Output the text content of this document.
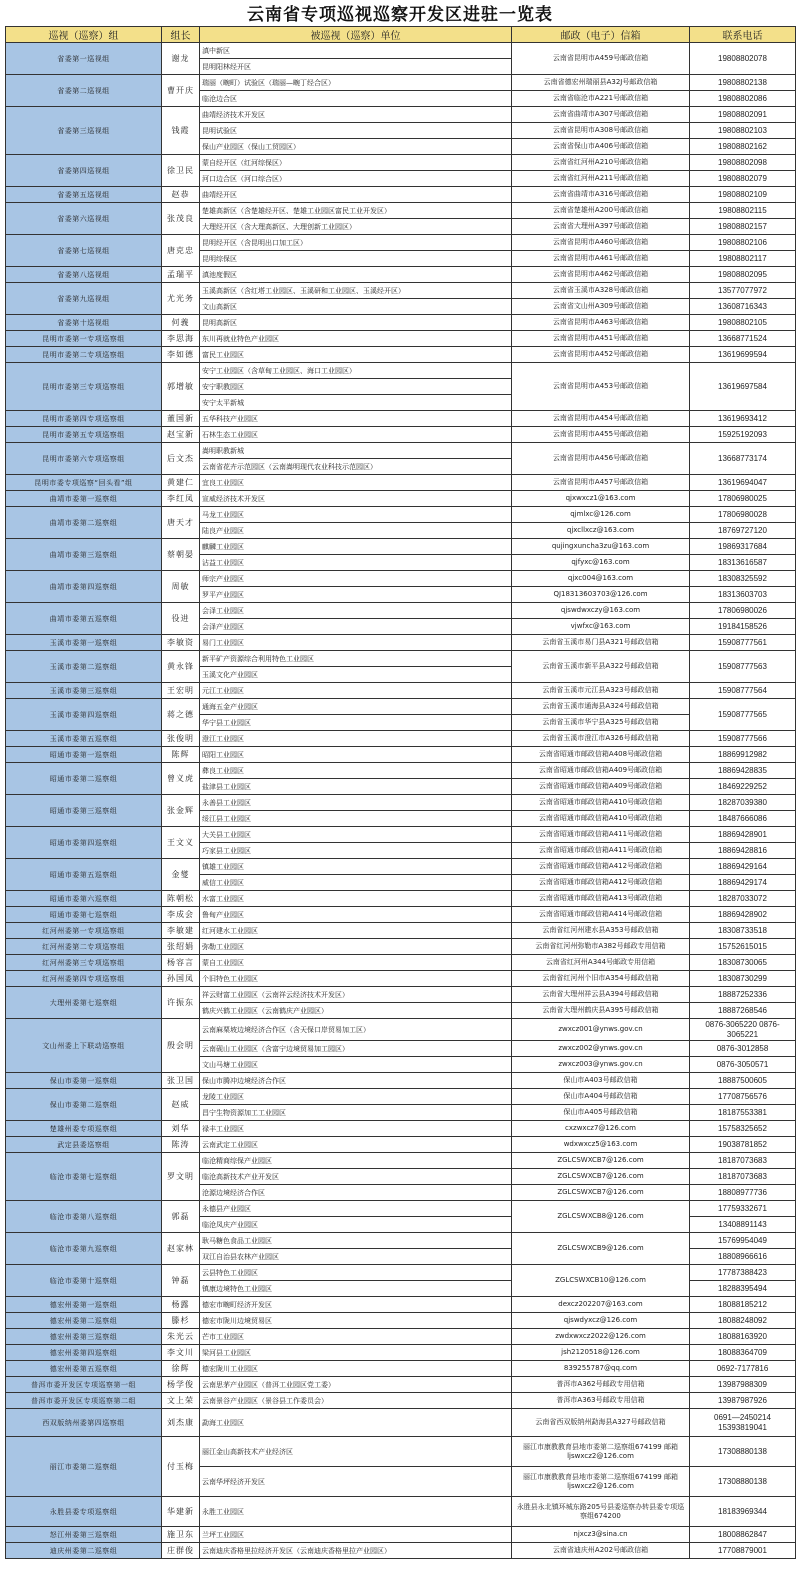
云南省专项巡视巡察开发区进驻一览表
巡视（巡察）组	组长	被巡视（巡察）单位	邮政（电子）信箱	联系电话
省委第一巡视组	谢龙	滇中新区	云南省昆明市A459号邮政信箱	19808802078
		昆明阳林经开区		
省委第二巡视组	曹开庆	瑞丽（畹町）试验区（瑞丽—畹丁经合区）	云南省德宏州瑞丽县A32J号邮政信箱	19808802138
		临沧边合区	云南省临沧市A221号邮政信箱	19808802086
省委第三巡视组	钱霞	曲靖经济技术开发区	云南省曲靖市A307号邮政信箱	19808802091
		昆明试验区	云南省昆明市A308号邮政信箱	19808802103
		保山产业园区（保山工贸园区）	云南省保山市A406号邮政信箱	19808802162
省委第四巡视组	徐卫民	蒙自经开区（红河综保区）	云南省红河州A210号邮政信箱	19808802098
		河口边合区（河口综合区）	云南省红河州A211号邮政信箱	19808802079
省委第五巡视组	赵恭	曲靖经开区	云南省曲靖市A316号邮政信箱	19808802109
省委第六巡视组	张茂良	楚雄高新区（含楚雄经开区、楚雄工业园区富民工业开发区）	云南省楚雄州A200号邮政信箱	19808802115
		大理经开区（含大理高新区、大理创新工业园区）	云南省大理州A397号邮政信箱	19808802157
省委第七巡视组	唐克忠	昆明经开区（含昆明出口加工区）	云南省昆明市A460号邮政信箱	19808802106
		昆明综保区	云南省昆明市A461号邮政信箱	19808802117
省委第八巡视组	孟瑞平	滇池度假区	云南省昆明市A462号邮政信箱	19808802095
省委第九巡视组	尤光务	玉溪高新区（含红塔工业园区、玉溪研和工业园区、玉溪经开区）	云南省玉溪市A328号邮政信箱	13577077972
		文山高新区	云南省文山州A309号邮政信箱	13608716343
省委第十巡视组	何義	昆明高新区	云南省昆明市A463号邮政信箱	19808802105
昆明市委第一专项巡察组	李思海	东川再就业特色产业园区	云南省昆明市A451号邮政信箱	13668771524
昆明市委第二专项巡察组	李如德	富民工业园区	云南省昆明市A452号邮政信箱	13619699594
昆明市委第三专项巡察组	郭增敏	安宁工业园区（含草甸工业园区、海口工业园区）	云南省昆明市A453号邮政信箱	13619697584
		安宁职教园区		
		安宁太平新城		
昆明市委第四专项巡察组	董国新	五华科技产业园区	云南省昆明市A454号邮政信箱	13619693412
昆明市委第五专项巡察组	赵宝新	石林生态工业园区	云南省昆明市A455号邮政信箱	15925192093
昆明市委第六专项巡察组	后文杰	嵩明职教新城	云南省昆明市A456号邮政信箱	13668773174
		云南省花卉示范园区（云南嵩明现代农业科技示范园区）		
昆明市委专项巡察“回头看”组	黄建仁	宜良工业园区	云南省昆明市A457号邮政信箱	13619694047
曲靖市委第一巡察组	李红凤	宣威经济技术开发区	qjxwxcz1@163.com	17806980025
曲靖市委第二巡察组	唐天才	马龙工业园区	qjmlxc@126.com	17806980028
		陆良产业园区	qjxcllxcz@163.com	18769727120
曲靖市委第三巡察组	蔡朝晏	麒麟工业园区	qujingxuncha3zu@163.com	19869317684
		沾益工业园区	qjfyxc@163.com	18313616587
曲靖市委第四巡察组	周敏	师宗产业园区	qjxc004@163.com	18308325592
		罗平产业园区	QJ18313603703@126.com	18313603703
曲靖市委第五巡察组	役进	会泽工业园区	qjswdwxczy@163.com	17806980026
		会泽产业园区	vjwfxc@163.com	19184158526
玉溪市委第一巡察组	李敏资	易门工业园区	云南省玉溪市易门县A321号邮政信箱	15908777561
玉溪市委第二巡察组	黄永锋	新平矿产资源综合利用特色工业园区	云南省玉溪市新平县A322号邮政信箱	15908777563
		玉溪文化产业园区		
玉溪市委第三巡察组	王宏明	元江工业园区	云南省玉溪市元江县A323号邮政信箱	15908777564
玉溪市委第四巡察组	蒋之德	通海五金产业园区	云南省玉溪市通海县A324号邮政信箱	15908777565
		华宁县工业园区	云南省玉溪市华宁县A325号邮政信箱	
玉溪市委第五巡察组	张俊明	澄江工业园区	云南省玉溪市澄江市A326号邮政信箱	15908777566
昭通市委第一巡察组	陈辉	昭阳工业园区	云南省昭通市邮政信箱A408号邮政信箱	18869912982
昭通市委第二巡察组	曾义虎	彝良工业园区	云南省昭通市邮政信箱A409号邮政信箱	18869428835
		盐津县工业园区	云南省昭通市邮政信箱A409号邮政信箱	18469229252
昭通市委第三巡察组	张金辉	永善县工业园区	云南省昭通市邮政信箱A410号邮政信箱	18287039380
		绥江县工业园区	云南省昭通市邮政信箱A410号邮政信箱	18487666086
昭通市委第四巡察组	王文义	大关县工业园区	云南省昭通市邮政信箱A411号邮政信箱	18869428901
		巧家县工业园区	云南省昭通市邮政信箱A411号邮政信箱	18869428816
昭通市委第五巡察组	金燮	镇雄工业园区	云南省昭通市邮政信箱A412号邮政信箱	18869429164
		威信工业园区	云南省昭通市邮政信箱A412号邮政信箱	18869429174
昭通市委第六巡察组	陈朝松	水富工业园区	云南省昭通市邮政信箱A413号邮政信箱	18287033072
昭通市委第七巡察组	李成会	鲁甸产业园区	云南省昭通市邮政信箱A414号邮政信箱	18869428902
红河州委第一专项巡察组	李敏建	红河建水工业园区	云南省红河州建水县A353号邮政信箱	18308733518
红河州委第二专项巡察组	张绍娟	弥勒工业园区	云南省红河州弥勒市A382号邮政专用信箱	15752615015
红河州委第三专项巡察组	杨容言	蒙自工业园区	云南省红河州A344号邮政专用信箱	18308730065
红河州委第四专项巡察组	孙国凤	个旧特色工业园区	云南省红河州个旧市A354号邮政信箱	18308730299
大理州委第七巡察组	许振东	祥云财富工业园区（云南祥云经济技术开发区）	云南省大理州祥云县A394号邮政信箱	18887252336
		鹤庆兴鹤工业园区（云南鹤庆产业园区）	云南省大理州鹤庆县A395号邮政信箱	18887268546
文山州委上下联动巡察组	殷会明	云南麻栗坡边境经济合作区（含天保口岸贸易加工区）	zwxcz001@ynws.gov.cn	0876-3065220 0876-3065221
		云南砚山工业园区（含富宁边境贸易加工园区）	zwxcz002@ynws.gov.cn	0876-3012858
		文山马塘工业园区	zwxcz003@ynws.gov.cn	0876-3050571
保山市委第一巡察组	张卫国	保山市腾冲边境经济合作区	保山市A403号邮政信箱	18887500605
保山市委第二巡察组	赵威	龙陵工业园区	保山市A404号邮政信箱	17708756576
		昌宁生物资源加工工业园区	保山市A405号邮政信箱	18187553381
楚雄州委专项巡察组	刘华	禄丰工业园区	cxzwxcz7@126.com	15758325652
武定县委巡察组	陈涛	云南武定工业园区	wdxwxcz5@163.com	19038781852
临沧市委第七巡察组	罗文明	临沧精商综保产业园区	ZGLCSWXCB7@126.com	18187073683
		临沧高新技术产业开发区	ZGLCSWXCB7@126.com	18187073683
		沧源边境经济合作区	ZGLCSWXCB7@126.com	18808977736
临沧市委第八巡察组	郭磊	永德县产业园区	ZGLCSWXCB8@126.com	17759332671
		临沧凤庆产业园区		13408891143
临沧市委第九巡察组	赵家林	耿马糖色食品工业园区	ZGLCSWXCB9@126.com	15769954049
		双江自治县农林产业园区		18808966616
临沧市委第十巡察组	钟磊	云县特色工业园区	ZGLCSWXCB10@126.com	17787388423
		镇康边境特色工业园区		18288395494
德宏州委第一巡察组	杨露	德宏市畹町经济开发区	dexcz202207@163.com	18088185212
德宏州委第二巡察组	滕杉	德宏市陇川边境贸易区	qjswdyxcz@126.com	18088248092
德宏州委第三巡察组	朱光云	芒市工业园区	zwdxwxcz2022@126.com	18088163920
德宏州委第四巡察组	李文川	梁河县工业园区	jsh2120518@126.com	18088364709
德宏州委第五巡察组	徐辉	德宏陇川工业园区	839255787@qq.com	0692-7177816
普洱市委开发区专项巡察第一组	杨学俊	云南思茅产业园区（普洱工业园区党工委）	普洱市A362号邮政专用信箱	13987988309
普洱市委开发区专项巡察第二组	文上荣	云南景谷产业园区（景谷县工作委员会）	普洱市A363号邮政专用信箱	13987987926
西双版纳州委第四巡察组	刘杰康	勐海工业园区	云南省西双版纳州勐海县A327号邮政信箱	0691—2450214 15393819041
丽江市委第二巡察组	付玉梅	丽江金山高新技术产业经济区	丽江市康教教育县地市委第二巡察组674199 邮箱ljswxcz2@126.com	17308880138
		云南华坪经济开发区	丽江市康教教育县地市委第二巡察组674199 邮箱ljswxcz2@126.com	17308880138
永胜县委专项巡察组	华建新	永胜工业园区	永胜县永北镇环城东路205号县委巡察办转县委专项巡察组674200	18183969344
怒江州委第三巡察组	施卫东	兰坪工业园区	njxcz3@sina.cn	18008862847
迪庆州委第二巡察组	庄群俊	云南迪庆香格里拉经济开发区（云南迪庆香格里拉产业园区）	云南省迪庆州A202号邮政信箱	17708879001
